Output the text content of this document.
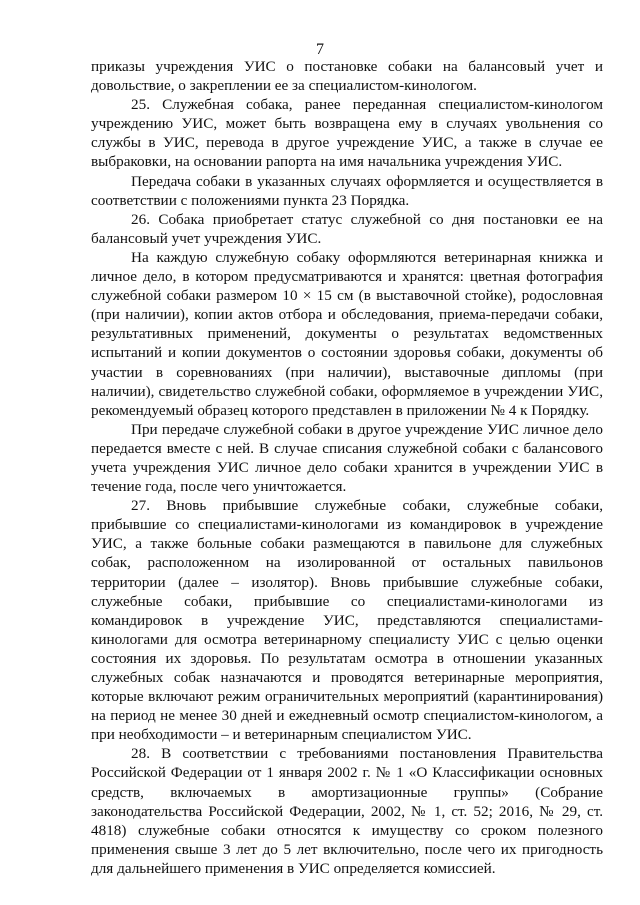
7

приказы учреждения УИС о постановке собаки на балансовый учет и довольствие, о закреплении ее за специалистом-кинологом.

25. Служебная собака, ранее переданная специалистом-кинологом учреждению УИС, может быть возвращена ему в случаях увольнения со службы в УИС, перевода в другое учреждение УИС, а также в случае ее выбраковки, на основании рапорта на имя начальника учреждения УИС.

Передача собаки в указанных случаях оформляется и осуществляется в соответствии с положениями пункта 23 Порядка.

26. Собака приобретает статус служебной со дня постановки ее на балансовый учет учреждения УИС.

На каждую служебную собаку оформляются ветеринарная книжка и личное дело, в котором предусматриваются и хранятся: цветная фотография служебной собаки размером 10 × 15 см (в выставочной стойке), родословная (при наличии), копии актов отбора и обследования, приема-передачи собаки, результативных применений, документы о результатах ведомственных испытаний и копии документов о состоянии здоровья собаки, документы об участии в соревнованиях (при наличии), выставочные дипломы (при наличии), свидетельство служебной собаки, оформляемое в учреждении УИС, рекомендуемый образец которого представлен в приложении № 4 к Порядку.

При передаче служебной собаки в другое учреждение УИС личное дело передается вместе с ней. В случае списания служебной собаки с балансового учета учреждения УИС личное дело собаки хранится в учреждении УИС в течение года, после чего уничтожается.

27. Вновь прибывшие служебные собаки, служебные собаки, прибывшие со специалистами-кинологами из командировок в учреждение УИС, а также больные собаки размещаются в павильоне для служебных собак, расположенном на изолированной от остальных павильонов территории (далее – изолятор). Вновь прибывшие служебные собаки, служебные собаки, прибывшие со специалистами-кинологами из командировок в учреждение УИС, представляются специалистами-кинологами для осмотра ветеринарному специалисту УИС с целью оценки состояния их здоровья. По результатам осмотра в отношении указанных служебных собак назначаются и проводятся ветеринарные мероприятия, которые включают режим ограничительных мероприятий (карантинирования) на период не менее 30 дней и ежедневный осмотр специалистом-кинологом, а при необходимости – и ветеринарным специалистом УИС.

28. В соответствии с требованиями постановления Правительства Российской Федерации от 1 января 2002 г. № 1 «О Классификации основных средств, включаемых в амортизационные группы» (Собрание законодательства Российской Федерации, 2002, № 1, ст. 52; 2016, № 29, ст. 4818) служебные собаки относятся к имуществу со сроком полезного применения свыше 3 лет до 5 лет включительно, после чего их пригодность для дальнейшего применения в УИС определяется комиссией.
